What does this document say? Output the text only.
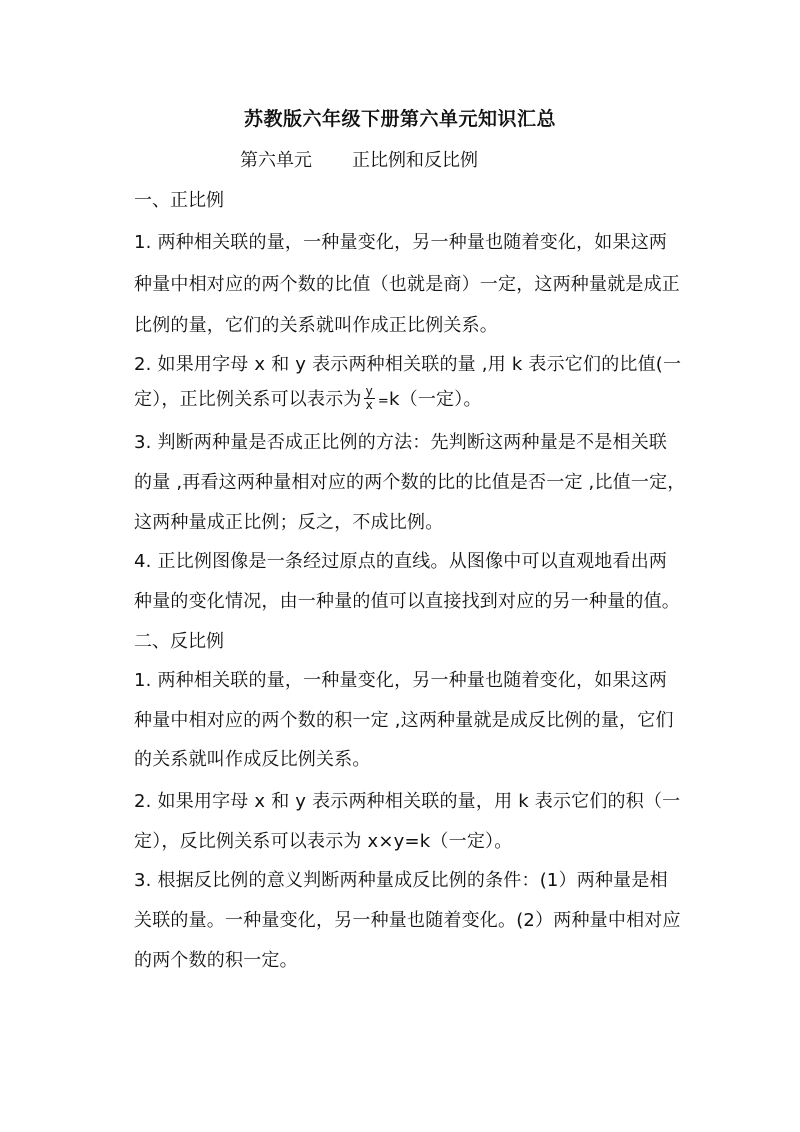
苏教版六年级下册第六单元知识汇总
第六单元 正比例和反比例
一、正比例
1. 两种相关联的量，一种量变化，另一种量也随着变化，如果这两
种量中相对应的两个数的比值（也就是商）一定，这两种量就是成正
比例的量，它们的关系就叫作成正比例关系。
2. 如果用字母 x 和 y 表示两种相关联的量 ,用 k 表示它们的比值(一
定），正比例关系可以表示为 $\frac{y}{x} =k$（一定）。
3. 判断两种量是否成正比例的方法：先判断这两种量是不是相关联
的量 ,再看这两种量相对应的两个数的比的比值是否一定 ,比值一定，
这两种量成正比例；反之，不成比例。
4. 正比例图像是一条经过原点的直线。从图像中可以直观地看出两
种量的变化情况，由一种量的值可以直接找到对应的另一种量的值。
二、反比例
1. 两种相关联的量，一种量变化，另一种量也随着变化，如果这两
种量中相对应的两个数的积一定 ,这两种量就是成反比例的量，它们
的关系就叫作成反比例关系。
2. 如果用字母 x 和 y 表示两种相关联的量，用 k 表示它们的积（一
定），反比例关系可以表示为 x×y=k（一定）。
3. 根据反比例的意义判断两种量成反比例的条件：(1）两种量是相
关联的量。一种量变化，另一种量也随着变化。(2）两种量中相对应
的两个数的积一定。
